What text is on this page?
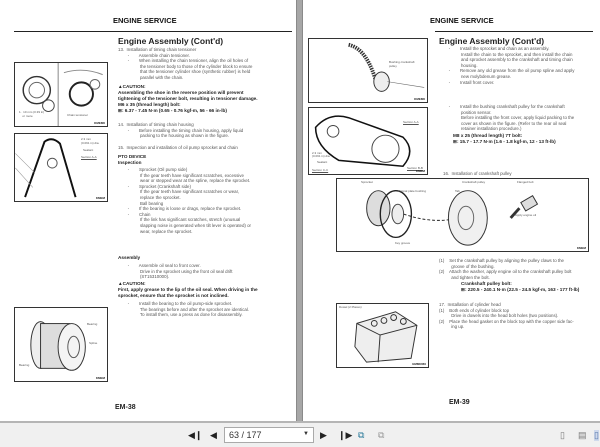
ENGINE SERVICE
Engine Assembly (Cont'd)
13.  Installation of timing chain tensioner
-        Assemble chain tensioner.
-        When installing the chain tensioner, align the oil holes of
the tensioner body to those of the cylinder block to ensure
that the tensioner cylinder shoe (synthetic rubber) is held
parallel with the chain.
▲CAUTION:
Assembling the shoe in the reverse position will prevent
tightening of the tensioner bolt, resulting in tensioner damage.
M6 x 35 (thread length) bolt:
⊞: 6.37 - 7.45 N·m (0.65 - 0.76 kgf-m, 56 - 66 in-lb)
14.  Installation of timing chain housing
-        Before installing the timing chain housing, apply liquid
packing to the housing as shown in the figure.
15.  Inspection and installation of oil pump sprocket and chain
PTO DEVICE
Inspection
-        Sprocket (Oil pump side)
If the gear teeth have significant scratches, excessive
wear or stepped wear at the spline, replace the sprocket.
-        Sprocket (Crankshaft side)
If the gear teeth have significant scratches or wear,
replace the sprocket.
Ball bearing
-        If the bearing is loose or drags, replace the sprocket.
-        Chain
If the link has significant scratches, stretch (unusual
slapping noise is generated when tilt lever is operated) or
wear, replace the sprocket.
Assembly
-        Assemble oil seal to front cover.
Drive in the sprocket using the front oil seal drift
(ST15310000).
▲CAUTION:
First, apply grease to the lip of the oil seal. When driving in the
sprocket, ensure that the sprocket is not inclined.
-        Install the bearing to the oil pump-side sprocket.
The bearings before and after the sprocket are identical.
To install them, use a press as done for disassembly.
1.  10 mm (0.39 in)
or more	Chain tensioner
KMEM0
2.3 mm
(0.091 in) dia.
Sealant
Section A-A
KMEM
Bearing
Spline
Bearing
KMEM
EM-38
ENGINE SERVICE
Engine Assembly (Cont'd)
-        Install the sprocket and chain as an assembly.
Install the chain to the sprocket, and then install the chain
and sprocket assembly to the crankshaft and timing chain
housing.
-        Remove any old grease from the oil pump spline and apply
new molybdenum grease.
-        Install front cover.
-        Install the bushing crankshaft pulley for the crankshaft
position sensor.
Before installing the front cover, apply liquid packing to the
cover as shown in the figure. (Refer to the rear oil seal
retainer installation procedure.)
M8 x 25 (thread length) 7T bolt:
⊞: 15.7 - 17.7 N·m (1.6 - 1.8 kgf-m, 12 - 13 ft-lb)
16.  Installation of crankshaft pulley
Sprocket	Crankshaft pulley	Flanged bolt
Signal plate bushing	Tab
Apply engine oil
Key groove
KMEM
(1)    Set the crankshaft pulley by aligning the pulley claws to the
groove of the bushing.
(2)    Attach the washer, apply engine oil to the crankshaft pulley bolt
and tighten the bolt.
Crankshaft pulley bolt:
⊞: 220.5 - 240.1 N·m (22.5 - 24.5 kgf-m, 163 - 177 ft-lb)
17.  Installation of cylinder head
(1)    Both ends of cylinder block top
Drive in dowels into the head bolt holes (two positions).
(2)    Place the head gasket on the block top with the copper side fac-
ing up.
Dowel (2 Places)
EMM0060
Bushing crankshaft
pulley
KMEM0
Section A-A
Section B-B
2.3 mm
(0.091 in) dia.
Sealant
Section C-C	KMEM
EM-39
◀❙ ◀	63 / 177	▼ ▶ ❙▶ ⧉ ⧉	▯ ▤ ▯
